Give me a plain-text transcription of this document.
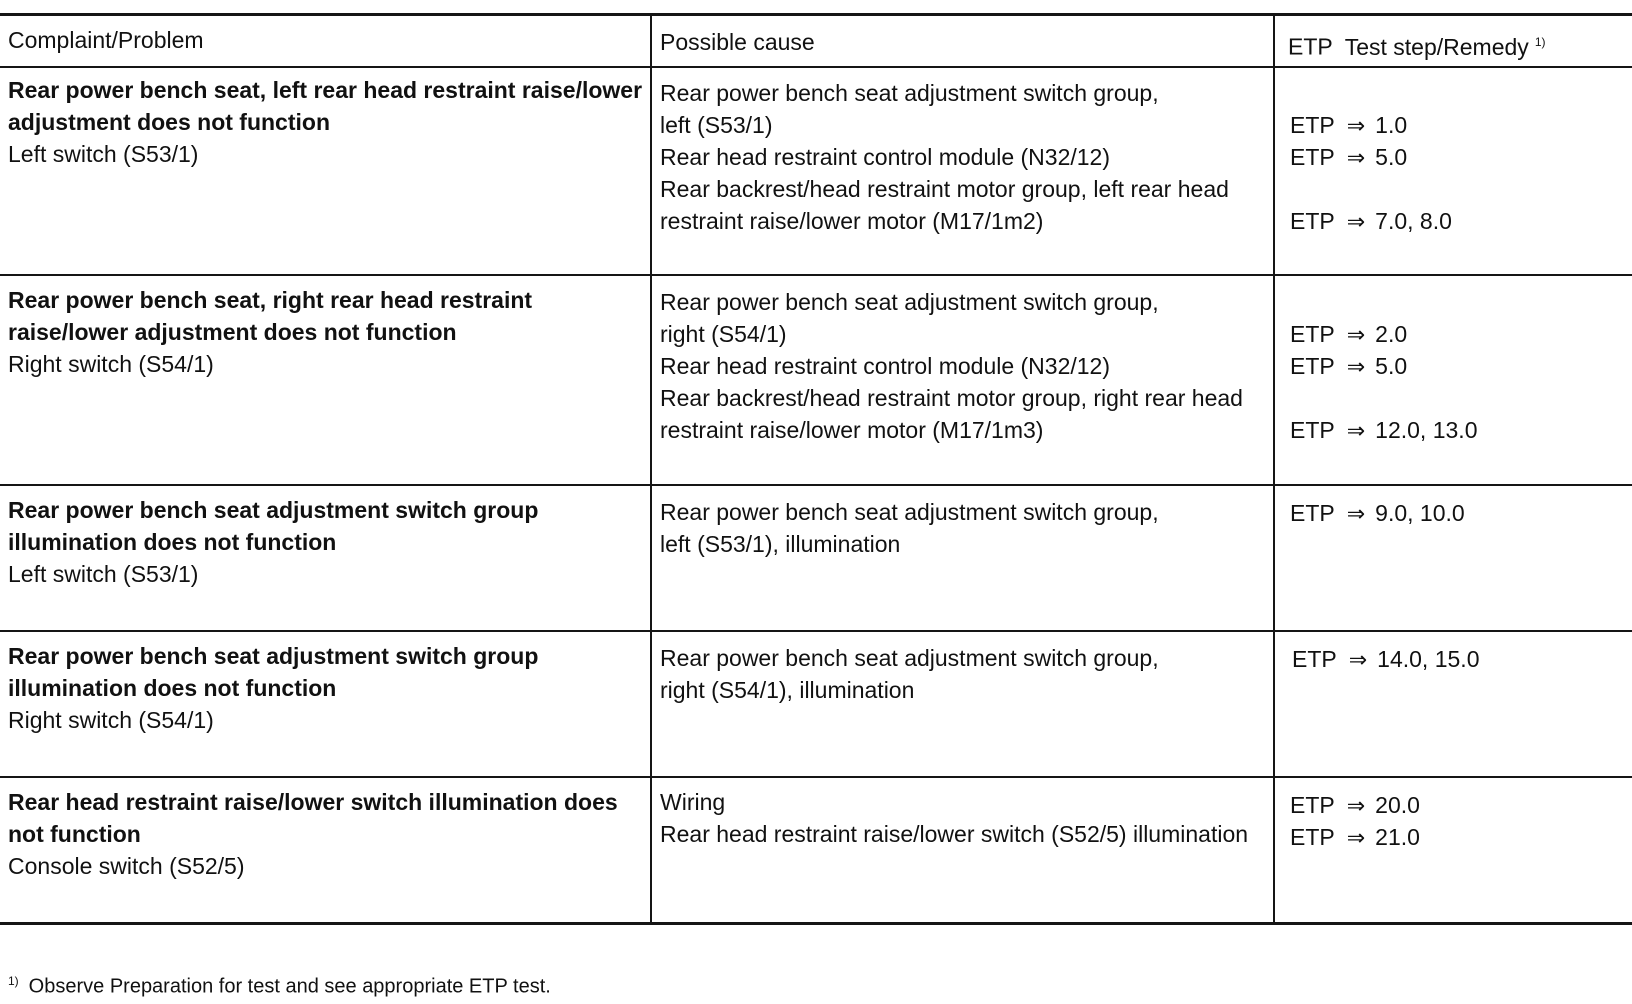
Complaint/Problem	Possible cause	ETP Test step/Remedy $^{1)}$
Rear power bench seat, left rear head restraint raise/lower
adjustment does not function
Left switch (S53/1)
Rear power bench seat adjustment switch group,
left (S53/1)
Rear head restraint control module (N32/12)
Rear backrest/head restraint motor group, left rear head
restraint raise/lower motor (M17/1m2)
ETP ⇒ 1.0
ETP ⇒ 5.0
ETP ⇒ 7.0, 8.0
Rear power bench seat, right rear head restraint
raise/lower adjustment does not function
Right switch (S54/1)
Rear power bench seat adjustment switch group,
right (S54/1)
Rear head restraint control module (N32/12)
Rear backrest/head restraint motor group, right rear head
restraint raise/lower motor (M17/1m3)
ETP ⇒ 2.0
ETP ⇒ 5.0
ETP ⇒ 12.0, 13.0
Rear power bench seat adjustment switch group
illumination does not function
Left switch (S53/1)
Rear power bench seat adjustment switch group,
left (S53/1), illumination
ETP ⇒ 9.0, 10.0
Rear power bench seat adjustment switch group
illumination does not function
Right switch (S54/1)
Rear power bench seat adjustment switch group,
right (S54/1), illumination
ETP ⇒ 14.0, 15.0
Rear head restraint raise/lower switch illumination does
not function
Console switch (S52/5)
Wiring
Rear head restraint raise/lower switch (S52/5) illumination
ETP ⇒ 20.0
ETP ⇒ 21.0
$^{1)}$ Observe Preparation for test and see appropriate ETP test.
